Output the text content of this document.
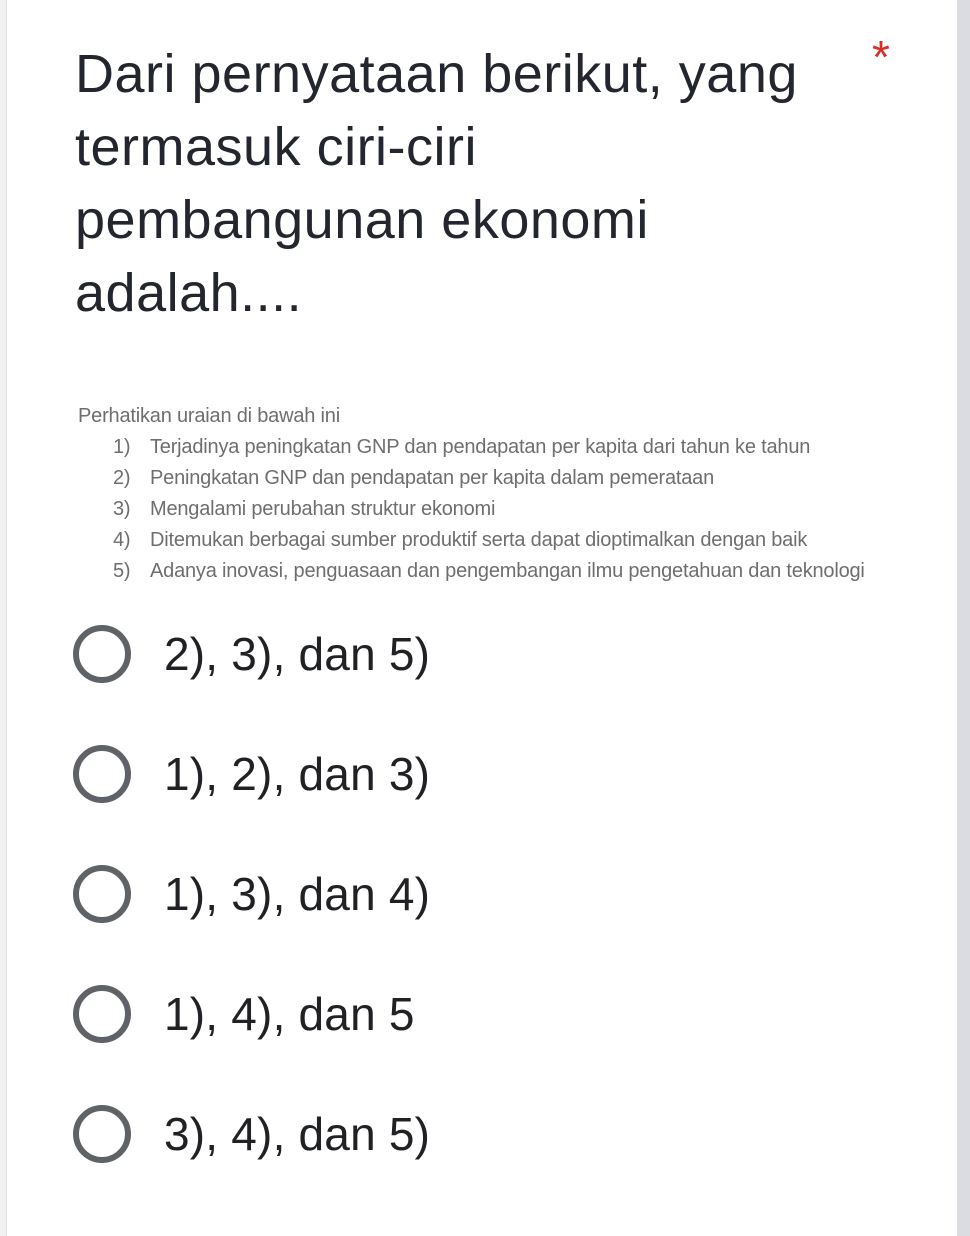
Dari pernyataan berikut, yang
termasuk ciri-ciri
pembangunan ekonomi
adalah....
*
Perhatikan uraian di bawah ini
1) Terjadinya peningkatan GNP dan pendapatan per kapita dari tahun ke tahun
2) Peningkatan GNP dan pendapatan per kapita dalam pemerataan
3) Mengalami perubahan struktur ekonomi
4) Ditemukan berbagai sumber produktif serta dapat dioptimalkan dengan baik
5) Adanya inovasi, penguasaan dan pengembangan ilmu pengetahuan dan teknologi
2), 3), dan 5)
1), 2), dan 3)
1), 3), dan 4)
1), 4), dan 5
3), 4), dan 5)
